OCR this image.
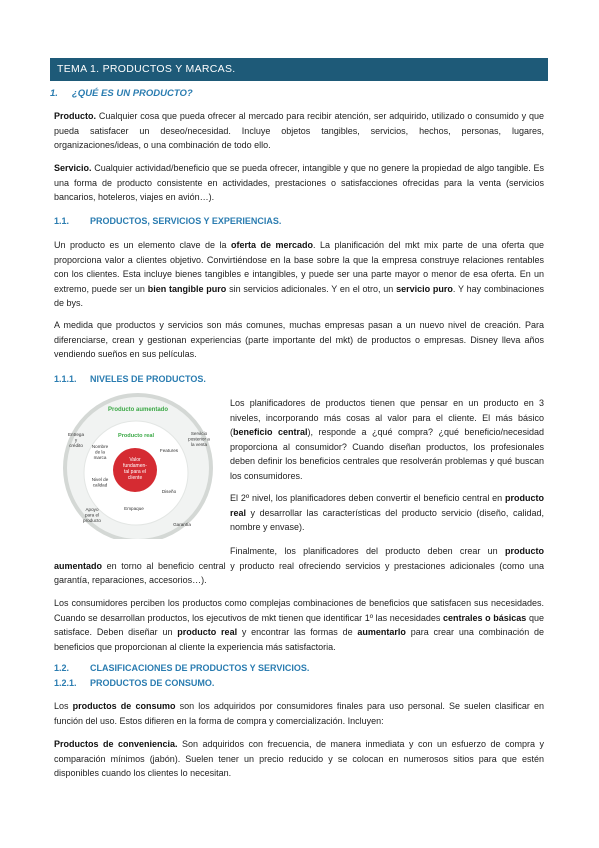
TEMA 1. PRODUCTOS Y MARCAS.
1. ¿QUÉ ES UN PRODUCTO?
Producto. Cualquier cosa que pueda ofrecer al mercado para recibir atención, ser adquirido, utilizado o consumido y que pueda satisfacer un deseo/necesidad. Incluye objetos tangibles, servicios, hechos, personas, lugares, organizaciones/ideas, o una combinación de todo ello.
Servicio. Cualquier actividad/beneficio que se pueda ofrecer, intangible y que no genere la propiedad de algo tangible. Es una forma de producto consistente en actividades, prestaciones o satisfacciones ofrecidas para la venta (servicios bancarios, hoteleros, viajes en avión…).
1.1. PRODUCTOS, SERVICIOS Y EXPERIENCIAS.
Un producto es un elemento clave de la oferta de mercado. La planificación del mkt mix parte de una oferta que proporciona valor a clientes objetivo. Convirtiéndose en la base sobre la que la empresa construye relaciones rentables con los clientes. Esta incluye bienes tangibles e intangibles, y puede ser una parte mayor o menor de esa oferta. En un extremo, puede ser un bien tangible puro sin servicios adicionales. Y en el otro, un servicio puro. Y hay combinaciones de bys.
A medida que productos y servicios son más comunes, muchas empresas pasan a un nuevo nivel de creación. Para diferenciarse, crean y gestionan experiencias (parte importante del mkt) de productos o empresas. Disney lleva años vendiendo sueños en sus películas.
1.1.1. NIVELES DE PRODUCTOS.
Producto aumentado
Producto real
Valor fundamen-tal para el cliente
Entrega y crédito
Servicio posterior a la venta
Garantía
Apoyo para el producto
Nombre de la marca
Features
Diseño
Empaque
Nivel de calidad
Los planificadores de productos tienen que pensar en un producto en 3 niveles, incorporando más cosas al valor para el cliente. El más básico (beneficio central), responde a ¿qué compra? ¿qué beneficio/necesidad proporciona al consumidor? Cuando diseñan productos, los profesionales deben definir los beneficios centrales que resolverán problemas y qué buscan los consumidores.
El 2º nivel, los planificadores deben convertir el beneficio central en producto real y desarrollar las características del producto servicio (diseño, calidad, nombre y envase).
Finalmente, los planificadores del producto deben crear un producto aumentado en torno al beneficio central y producto real ofreciendo servicios y prestaciones adicionales (como una garantía, reparaciones, accesorios…).
Los consumidores perciben los productos como complejas combinaciones de beneficios que satisfacen sus necesidades. Cuando se desarrollan productos, los ejecutivos de mkt tienen que identificar 1º las necesidades centrales o básicas que satisface. Deben diseñar un producto real y encontrar las formas de aumentarlo para crear una combinación de beneficios que proporcionan al cliente la experiencia más satisfactoria.
1.2. CLASIFICACIONES DE PRODUCTOS Y SERVICIOS.
1.2.1. PRODUCTOS DE CONSUMO.
Los productos de consumo son los adquiridos por consumidores finales para uso personal. Se suelen clasificar en función del uso. Estos difieren en la forma de compra y comercialización. Incluyen:
Productos de conveniencia. Son adquiridos con frecuencia, de manera inmediata y con un esfuerzo de compra y comparación mínimos (jabón). Suelen tener un precio reducido y se colocan en numerosos sitios para que estén disponibles cuando los clientes lo necesitan.
